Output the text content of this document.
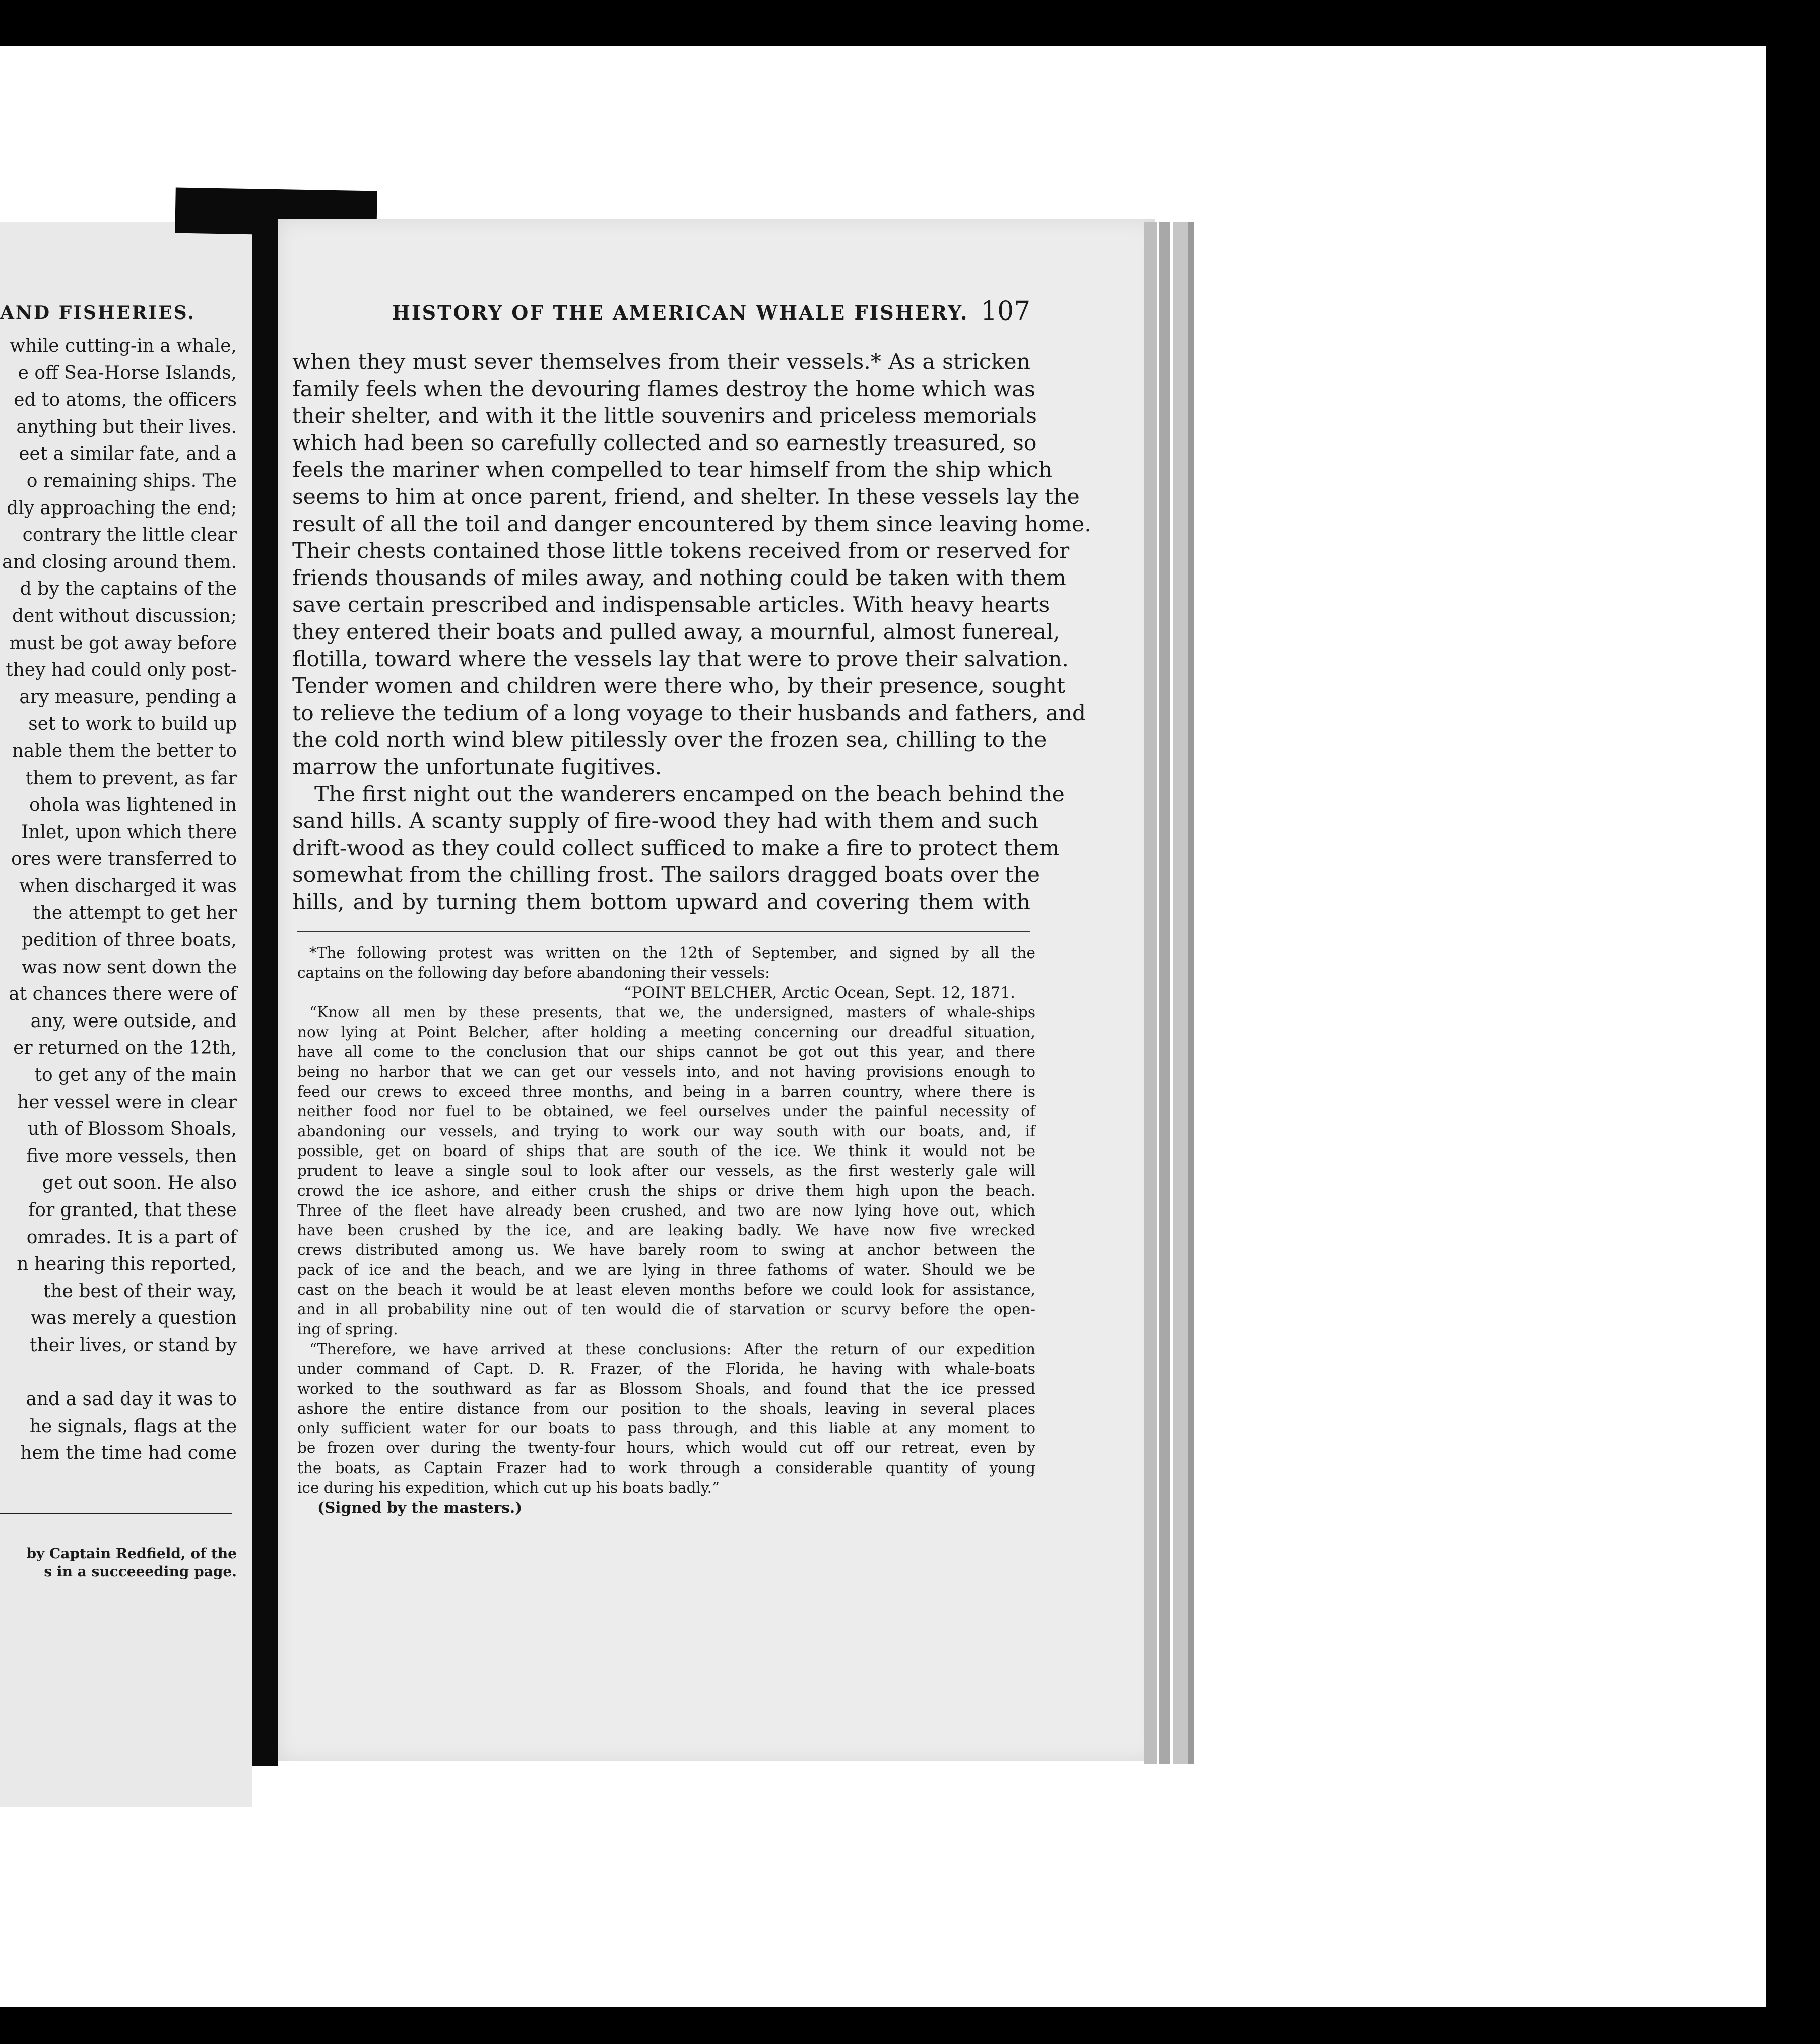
AND FISHERIES.
while cutting-in a whale,
e off Sea-Horse Islands,
ed to atoms, the officers
anything but their lives.
eet a similar fate, and a
o remaining ships. The
dly approaching the end;
contrary the little clear
and closing around them.
d by the captains of the
dent without discussion;
must be got away before
they had could only post-
ary measure, pending a
set to work to build up
nable them the better to
them to prevent, as far
ohola was lightened in
Inlet, upon which there
ores were transferred to
when discharged it was
the attempt to get her
pedition of three boats,
was now sent down the
at chances there were of
any, were outside, and
er returned on the 12th,
to get any of the main
her vessel were in clear
uth of Blossom Shoals,
five more vessels, then
get out soon. He also
for granted, that these
omrades. It is a part of
n hearing this reported,
the best of their way,
was merely a question
their lives, or stand by

and a sad day it was to
he signals, flags at the
hem the time had come
by Captain Redfield, of the
s in a succeeeding page.
HISTORY OF THE AMERICAN WHALE FISHERY. 107
when they must sever themselves from their vessels.* As a stricken
family feels when the devouring flames destroy the home which was
their shelter, and with it the little souvenirs and priceless memorials
which had been so carefully collected and so earnestly treasured, so
feels the mariner when compelled to tear himself from the ship which
seems to him at once parent, friend, and shelter. In these vessels lay the
result of all the toil and danger encountered by them since leaving home.
Their chests contained those little tokens received from or reserved for
friends thousands of miles away, and nothing could be taken with them
save certain prescribed and indispensable articles. With heavy hearts
they entered their boats and pulled away, a mournful, almost funereal,
flotilla, toward where the vessels lay that were to prove their salvation.
Tender women and children were there who, by their presence, sought
to relieve the tedium of a long voyage to their husbands and fathers, and
the cold north wind blew pitilessly over the frozen sea, chilling to the
marrow the unfortunate fugitives.
The first night out the wanderers encamped on the beach behind the
sand hills. A scanty supply of fire-wood they had with them and such
drift-wood as they could collect sufficed to make a fire to protect them
somewhat from the chilling frost. The sailors dragged boats over the
hills, and by turning them bottom upward and covering them with
*The following protest was written on the 12th of September, and signed by all the
captains on the following day before abandoning their vessels:
“POINT BELCHER, Arctic Ocean, Sept. 12, 1871.
“Know all men by these presents, that we, the undersigned, masters of whale-ships
now lying at Point Belcher, after holding a meeting concerning our dreadful situation,
have all come to the conclusion that our ships cannot be got out this year, and there
being no harbor that we can get our vessels into, and not having provisions enough to
feed our crews to exceed three months, and being in a barren country, where there is
neither food nor fuel to be obtained, we feel ourselves under the painful necessity of
abandoning our vessels, and trying to work our way south with our boats, and, if
possible, get on board of ships that are south of the ice. We think it would not be
prudent to leave a single soul to look after our vessels, as the first westerly gale will
crowd the ice ashore, and either crush the ships or drive them high upon the beach.
Three of the fleet have already been crushed, and two are now lying hove out, which
have been crushed by the ice, and are leaking badly. We have now five wrecked
crews distributed among us. We have barely room to swing at anchor between the
pack of ice and the beach, and we are lying in three fathoms of water. Should we be
cast on the beach it would be at least eleven months before we could look for assistance,
and in all probability nine out of ten would die of starvation or scurvy before the open-
ing of spring.
“Therefore, we have arrived at these conclusions: After the return of our expedition
under command of Capt. D. R. Frazer, of the Florida, he having with whale-boats
worked to the southward as far as Blossom Shoals, and found that the ice pressed
ashore the entire distance from our position to the shoals, leaving in several places
only sufficient water for our boats to pass through, and this liable at any moment to
be frozen over during the twenty-four hours, which would cut off our retreat, even by
the boats, as Captain Frazer had to work through a considerable quantity of young
ice during his expedition, which cut up his boats badly.”
(Signed by the masters.)
